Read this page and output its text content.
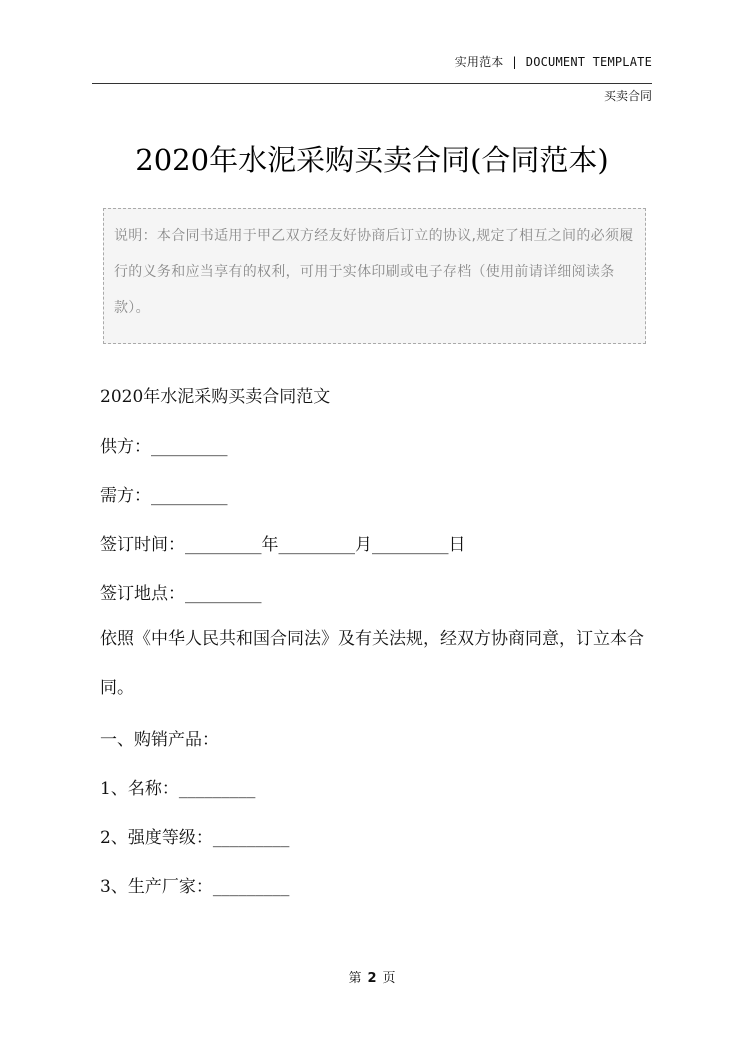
实用范本 | DOCUMENT TEMPLATE
买卖合同
2020年水泥采购买卖合同(合同范本)
说明：本合同书适用于甲乙双方经友好协商后订立的协议,规定了相互之间的必须履行的义务和应当享有的权利，可用于实体印刷或电子存档（使用前请详细阅读条款）。
2020年水泥采购买卖合同范文
供方：_________
需方：_________
签订时间：_________年_________月_________日
签订地点：_________
依照《中华人民共和国合同法》及有关法规，经双方协商同意，订立本合同。
一、购销产品：
1、名称：_________
2、强度等级：_________
3、生产厂家：_________
第 2 页
